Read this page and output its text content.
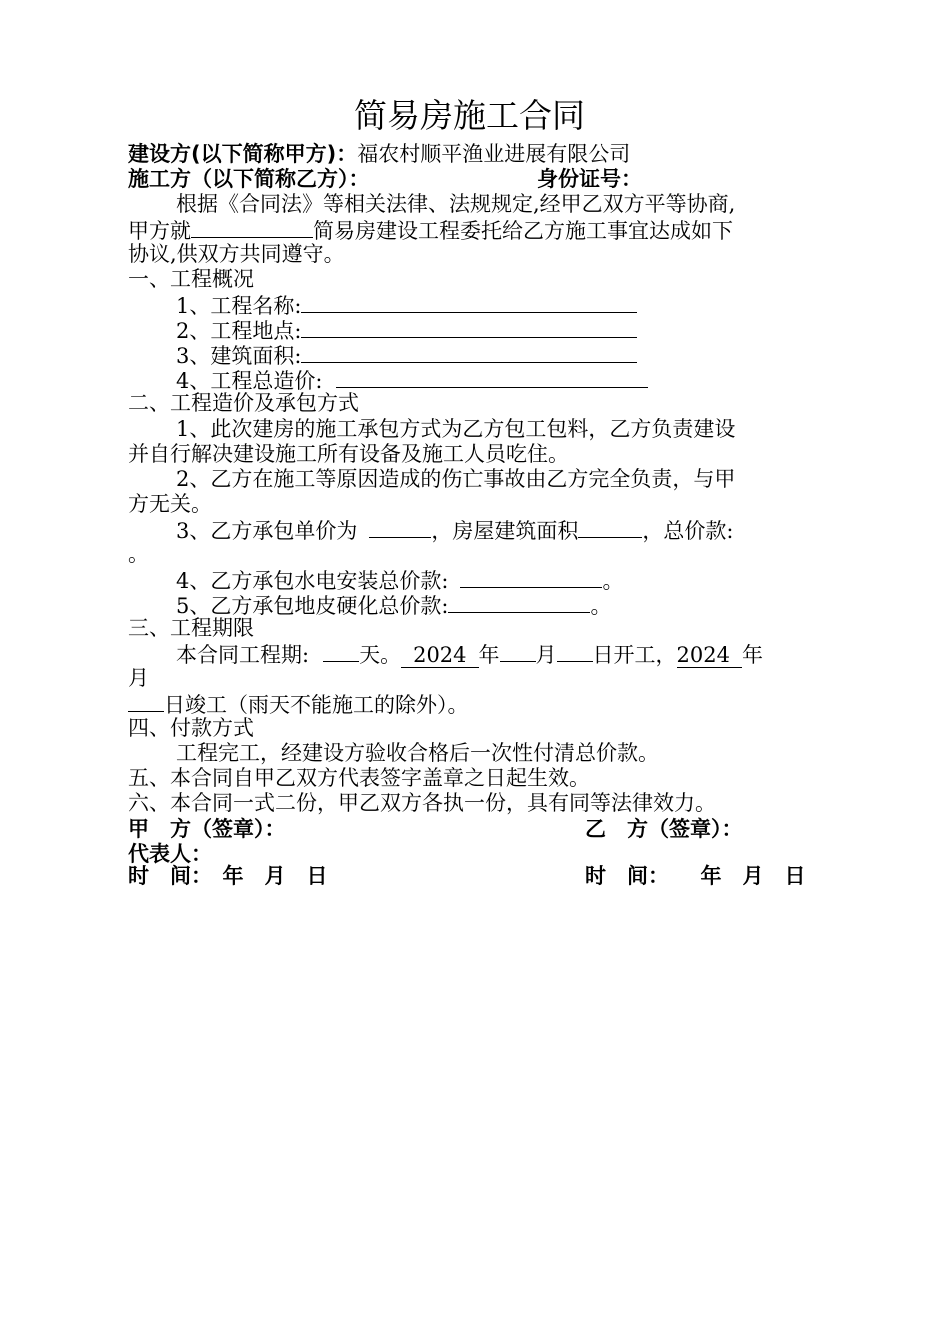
简易房施工合同
建设方(以下简称甲方)：福农村顺平渔业进展有限公司
施工方（以下简称乙方）：	身份证号：
根据《合同法》等相关法律、法规规定,经甲乙双方平等协商,
甲方就	简易房建设工程委托给乙方施工事宜达成如下
协议,供双方共同遵守。
一、工程概况
1、工程名称:
2、工程地点:
3、建筑面积:
4、工程总造价:
二、工程造价及承包方式
1、此次建房的施工承包方式为乙方包工包料，乙方负责建设
并自行解决建设施工所有设备及施工人员吃住。
2、乙方在施工等原因造成的伤亡事故由乙方完全负责，与甲
方无关。
3、乙方承包单价为	，房屋建筑面积	，总价款:
。
4、乙方承包水电安装总价款:	。
5、乙方承包地皮硬化总价款:	。
三、工程期限
本合同工程期: 天。 2024 年 月 日开工，2024 年
月
日竣工（雨天不能施工的除外）。
四、付款方式
工程完工，经建设方验收合格后一次性付清总价款。
五、本合同自甲乙双方代表签字盖章之日起生效。
六、本合同一式二份，甲乙双方各执一份，具有同等法律效力。
甲　方（签章）：	乙　方（签章）：
代表人：
时　间：　年　月　日	时　间：　　年　月　日
